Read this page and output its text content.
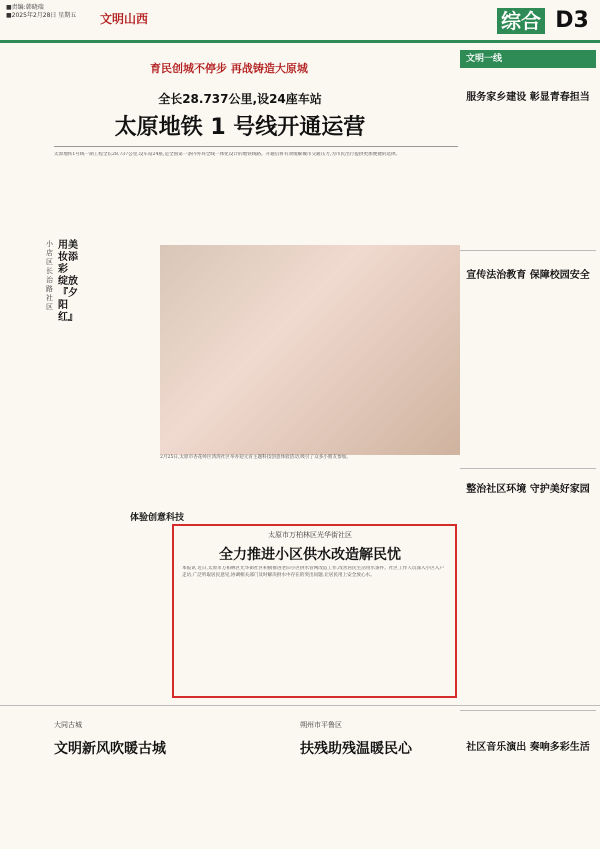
■责编:韩晓瑞
■2025年2月28日 星期五 文明山西	综合 D3
育民创城不停步 再战铸造大原城
全长28.737公里,设24座车站
太原地铁 1 号线开通运营
太原地铁1号线一期工程全长28.737公里,设车站24座,是全国第一条内外环全线一体化设计的地铁线路。开通后将有效缓解城市交通压力,为市民出行提供更加便捷的选择。
用美妆添彩 绽放『夕阳红』
小店区长治路社区
2月25日,太原市杏花岭区湾湾社区举办迎元宵主题科技创意体验活动,吸引了众多小朋友参加。
体验创意科技
太原市万柏林区光华街社区
全力推进小区供水改造解民忧
本报讯 近日,太原市万柏林区光华街社区积极推进老旧小区供水管网改造工作,改善居民生活用水条件。社区工作人员深入小区入户走访,广泛听取居民意见,协调相关部门及时解决供水中存在的突出问题,让居民用上安全放心水。
大同古城
文明新风吹暖古城
朔州市平鲁区
扶残助残温暖民心
文明一线
服务家乡建设 彰显青春担当
宣传法治教育 保障校园安全
整治社区环境 守护美好家园
社区音乐演出 奏响多彩生活
